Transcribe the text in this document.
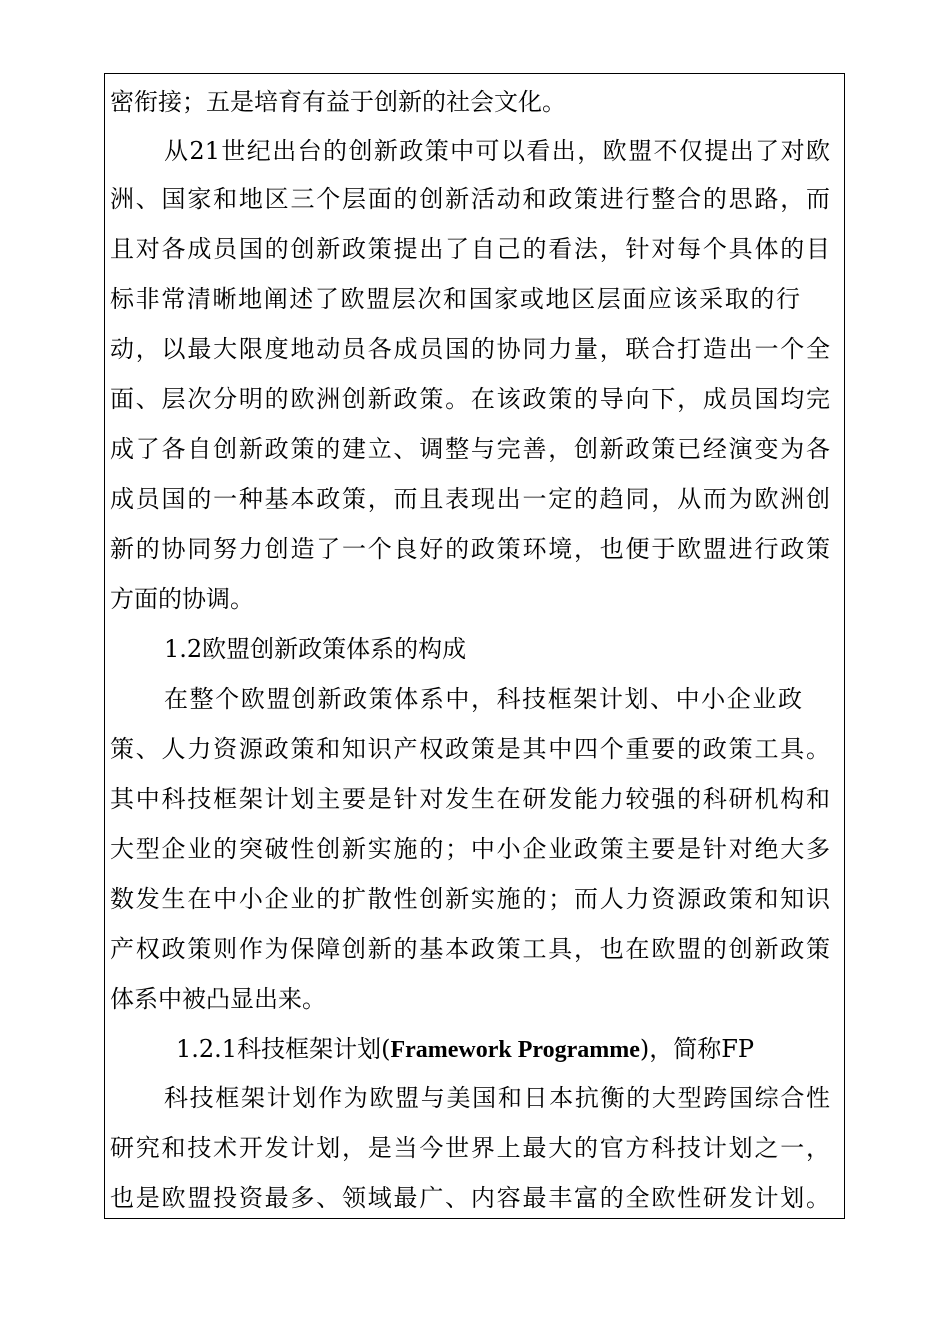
密衔接；五是培育有益于创新的社会文化。
从21世纪出台的创新政策中可以看出，欧盟不仅提出了对欧
洲、国家和地区三个层面的创新活动和政策进行整合的思路，而
且对各成员国的创新政策提出了自己的看法，针对每个具体的目
标非常清晰地阐述了欧盟层次和国家或地区层面应该采取的行
动，以最大限度地动员各成员国的协同力量，联合打造出一个全
面、层次分明的欧洲创新政策。在该政策的导向下，成员国均完
成了各自创新政策的建立、调整与完善，创新政策已经演变为各
成员国的一种基本政策，而且表现出一定的趋同，从而为欧洲创
新的协同努力创造了一个良好的政策环境，也便于欧盟进行政策
方面的协调。
1.2欧盟创新政策体系的构成
在整个欧盟创新政策体系中，科技框架计划、中小企业政
策、人力资源政策和知识产权政策是其中四个重要的政策工具。
其中科技框架计划主要是针对发生在研发能力较强的科研机构和
大型企业的突破性创新实施的；中小企业政策主要是针对绝大多
数发生在中小企业的扩散性创新实施的；而人力资源政策和知识
产权政策则作为保障创新的基本政策工具，也在欧盟的创新政策
体系中被凸显出来。
1.2.1科技框架计划(Framework Programme)，简称FP
科技框架计划作为欧盟与美国和日本抗衡的大型跨国综合性
研究和技术开发计划，是当今世界上最大的官方科技计划之一，
也是欧盟投资最多、领域最广、内容最丰富的全欧性研发计划。
